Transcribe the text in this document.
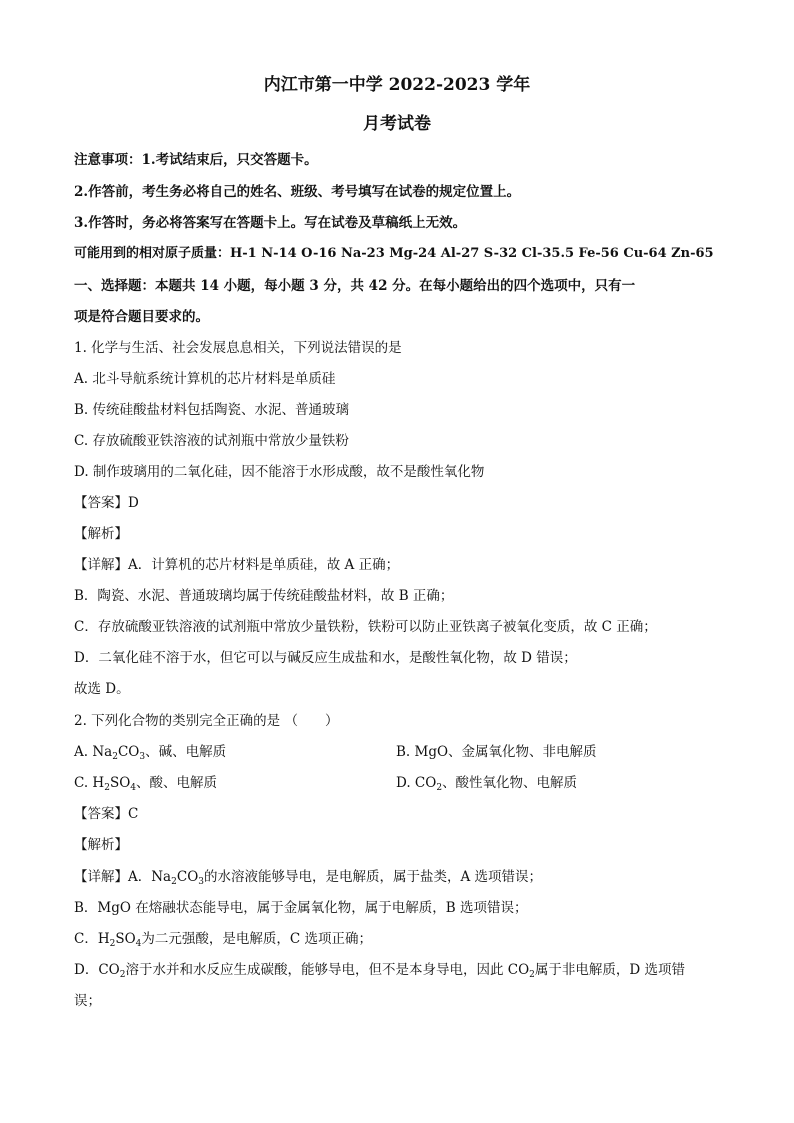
内江市第一中学 2022-2023 学年
月考试卷
注意事项：1.考试结束后，只交答题卡。
2.作答前，考生务必将自己的姓名、班级、考号填写在试卷的规定位置上。
3.作答时，务必将答案写在答题卡上。写在试卷及草稿纸上无效。
可能用到的相对原子质量：H-1 N-14 O-16 Na-23 Mg-24 Al-27 S-32 Cl-35.5 Fe-56 Cu-64 Zn-65
一、选择题：本题共 14 小题，每小题 3 分，共 42 分。在每小题给出的四个选项中，只有一
项是符合题目要求的。
1. 化学与生活、社会发展息息相关，下列说法错误的是
A. 北斗导航系统计算机的芯片材料是单质硅
B. 传统硅酸盐材料包括陶瓷、水泥、普通玻璃
C. 存放硫酸亚铁溶液的试剂瓶中常放少量铁粉
D. 制作玻璃用的二氧化硅，因不能溶于水形成酸，故不是酸性氧化物
【答案】D
【解析】
【详解】A．计算机的芯片材料是单质硅，故 A 正确；
B．陶瓷、水泥、普通玻璃均属于传统硅酸盐材料，故 B 正确；
C．存放硫酸亚铁溶液的试剂瓶中常放少量铁粉，铁粉可以防止亚铁离子被氧化变质，故 C 正确；
D．二氧化硅不溶于水，但它可以与碱反应生成盐和水，是酸性氧化物，故 D 错误；
故选 D。
2. 下列化合物的类别完全正确的是 （　　）
A. $Na_2CO_3$、碱、电解质	B. MgO、金属氧化物、非电解质
C. $H_2SO_4$、酸、电解质	D. $CO_2$、酸性氧化物、电解质
【答案】C
【解析】
【详解】A．$Na_2CO_3$的水溶液能够导电，是电解质，属于盐类，A 选项错误；
B．MgO 在熔融状态能导电，属于金属氧化物，属于电解质，B 选项错误；
C．$H_2SO_4$为二元强酸，是电解质，C 选项正确；
D．$CO_2$溶于水并和水反应生成碳酸，能够导电，但不是本身导电，因此 $CO_2$属于非电解质，D 选项错
误；
